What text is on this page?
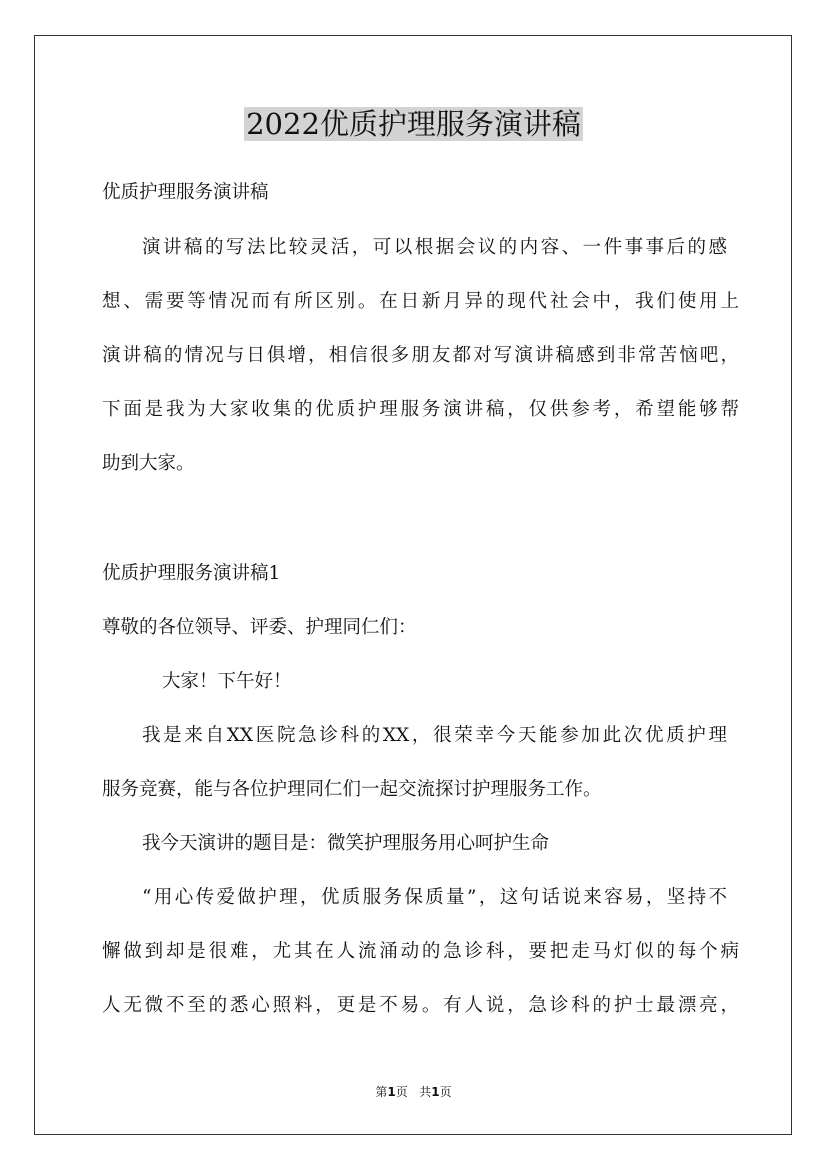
2022优质护理服务演讲稿

优质护理服务演讲稿

演讲稿的写法比较灵活，可以根据会议的内容、一件事事后的感

想、需要等情况而有所区别。在日新月异的现代社会中，我们使用上

演讲稿的情况与日俱增，相信很多朋友都对写演讲稿感到非常苦恼吧，

下面是我为大家收集的优质护理服务演讲稿，仅供参考，希望能够帮

助到大家。

优质护理服务演讲稿1

尊敬的各位领导、评委、护理同仁们：

大家！下午好！

我是来自XX医院急诊科的XX，很荣幸今天能参加此次优质护理

服务竞赛，能与各位护理同仁们一起交流探讨护理服务工作。

我今天演讲的题目是：微笑护理服务用心呵护生命

“用心传爱做护理，优质服务保质量”，这句话说来容易，坚持不

懈做到却是很难，尤其在人流涌动的急诊科，要把走马灯似的每个病

人无微不至的悉心照料，更是不易。有人说，急诊科的护士最漂亮，

第1页 共1页
